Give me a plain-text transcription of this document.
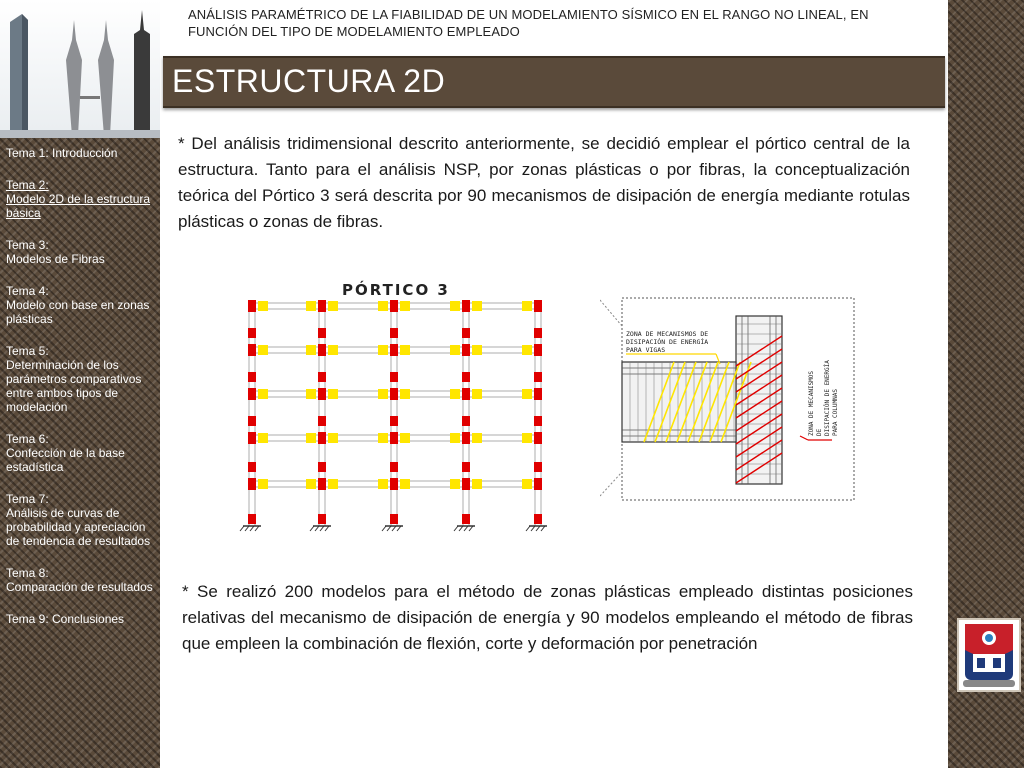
ANÁLISIS PARAMÉTRICO DE LA FIABILIDAD DE UN MODELAMIENTO SÍSMICO EN EL RANGO NO LINEAL, EN
FUNCIÓN DEL TIPO DE MODELAMIENTO EMPLEADO
ESTRUCTURA 2D
Tema 1: Introducción
Tema 2:
Modelo 2D de la estructura básica
Tema 3:
Modelos de Fibras
Tema 4:
Modelo con base en zonas plásticas
Tema 5:
Determinación de los parámetros comparativos entre ambos tipos de modelación
Tema 6:
Confección de la base estadística
Tema 7:
Análisis de curvas de probabilidad y apreciación de tendencia de resultados
Tema 8:
Comparación de resultados
Tema 9: Conclusiones
* Del análisis tridimensional descrito anteriormente, se decidió emplear el pórtico central de la estructura. Tanto para el análisis NSP, por zonas plásticas o por fibras, la conceptualización teórica del Pórtico 3 será descrita por 90 mecanismos de disipación de energía mediante rotulas plásticas o zonas de fibras.
* Se realizó 200 modelos para el método de zonas plásticas empleado distintas posiciones relativas del mecanismo de disipación de energía y 90 modelos empleando el método de fibras que empleen la combinación de flexión, corte y deformación por penetración
PÓRTICO 3
ZONA DE MECANISMOS DE
DISIPACIÓN DE ENERGÍA
PARA VIGAS
ZONA DE MECANISMOS DE DISIPACIÓN DE ENERGÍA PARA COLUMNAS
